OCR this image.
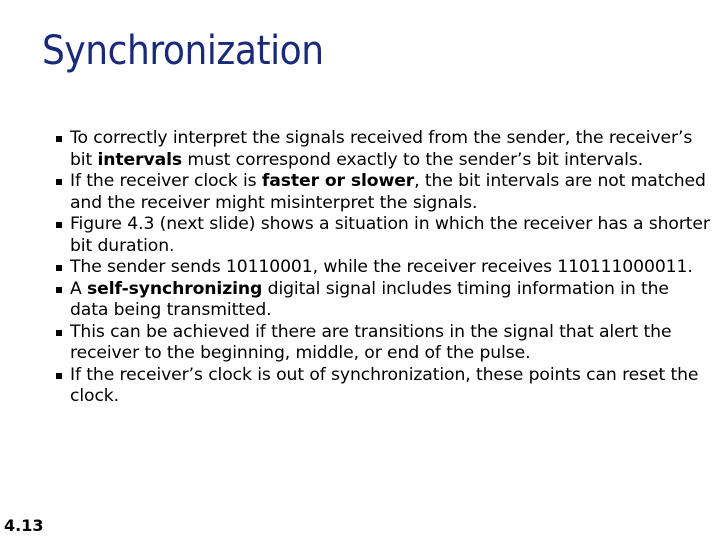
Synchronization
To correctly interpret the signals received from the sender, the receiver’s bit intervals must correspond exactly to the sender’s bit intervals.
If the receiver clock is faster or slower, the bit intervals are not matched and the receiver might misinterpret the signals.
Figure 4.3 (next slide) shows a situation in which the receiver has a shorter bit duration.
The sender sends 10110001, while the receiver receives 110111000011.
A self-synchronizing digital signal includes timing information in the data being transmitted.
This can be achieved if there are transitions in the signal that alert the receiver to the beginning, middle, or end of the pulse.
If the receiver’s clock is out of synchronization, these points can reset the clock.
4.13
